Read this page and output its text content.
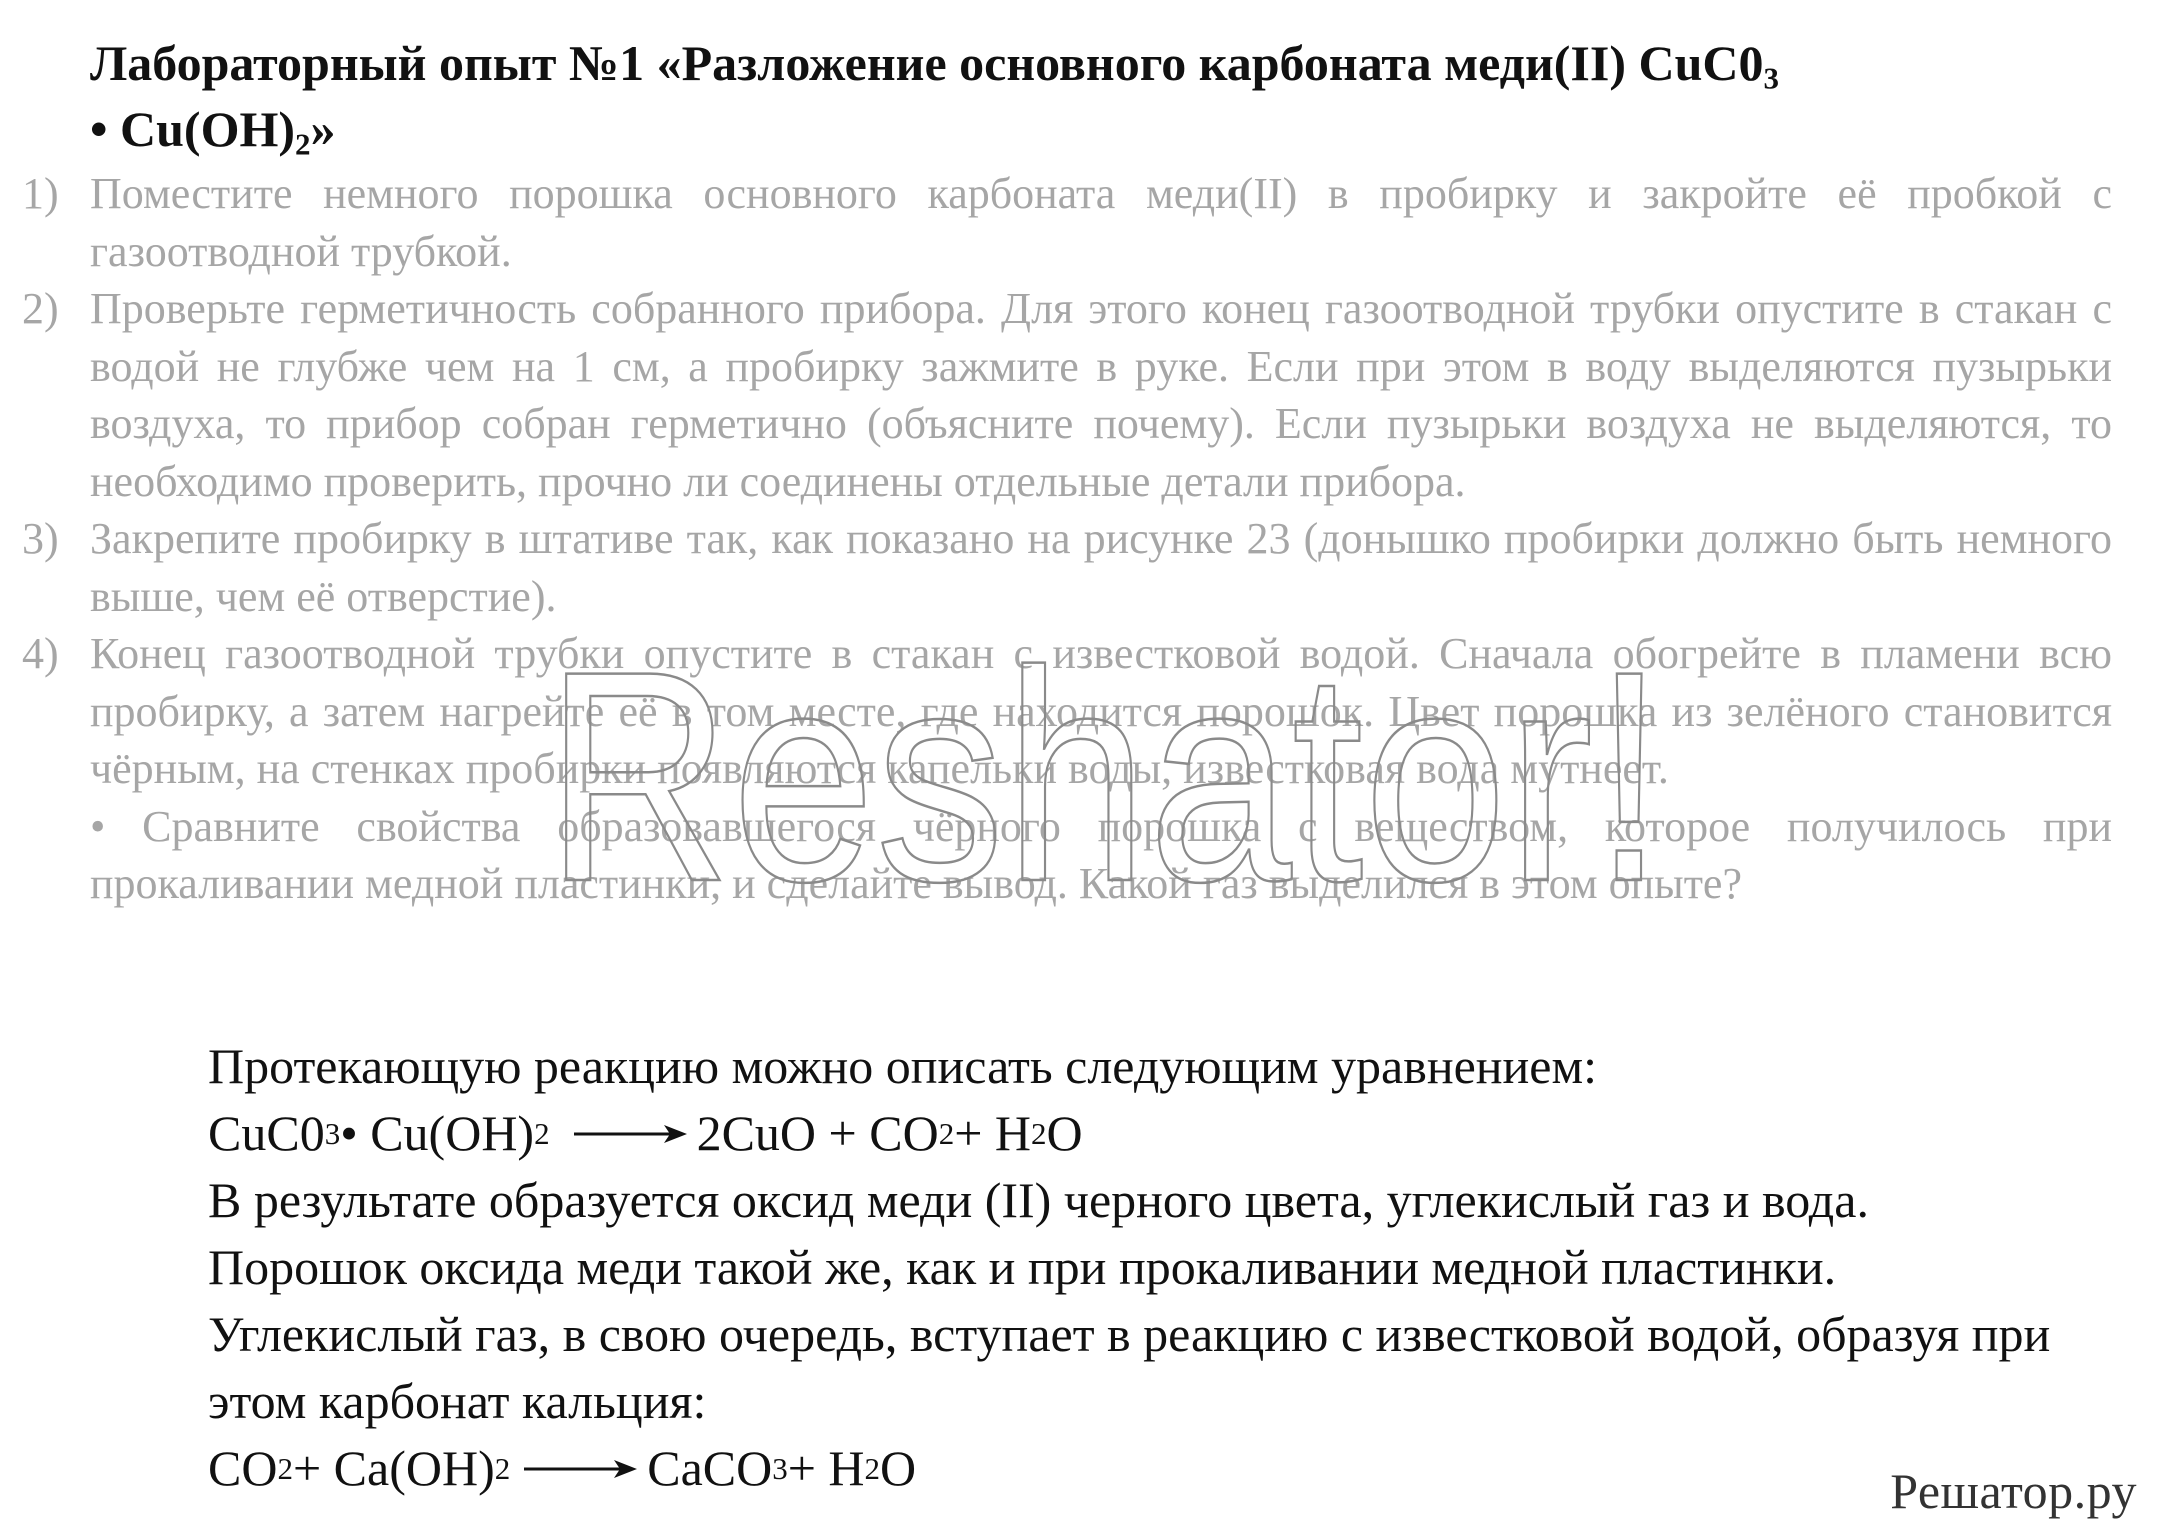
Лабораторный опыт №1 «Разложение основного карбоната меди(II) $CuC0_3$
• $Cu(OH)_2$»
1) Поместите немного порошка основного карбоната меди(II) в пробирку и закройте её пробкой с газоотводной трубкой.
2) Проверьте герметичность собранного прибора. Для этого конец газоотводной трубки опустите в стакан с водой не глубже чем на 1 см, а пробирку зажмите в руке. Если при этом в воду выделяются пузырьки воздуха, то прибор собран герметично (объясните почему). Если пузырьки воздуха не выделяются, то необходимо проверить, прочно ли соединены отдельные детали прибора.
3) Закрепите пробирку в штативе так, как показано на рисунке 23 (донышко пробирки должно быть немного выше, чем её отверстие).
4) Конец газоотводной трубки опустите в стакан с известковой водой. Сначала обогрейте в пламени всю пробирку, а затем нагрейте её в том месте, где находится порошок. Цвет порошка из зелёного становится чёрным, на стенках пробирки появляются капельки воды, известковая вода мутнеет.
• Сравните свойства образовавшегося чёрного порошка с веществом, которое получилось при прокаливании медной пластинки, и сделайте вывод. Какой газ выделился в этом опыте?
Протекающую реакцию можно описать следующим уравнением:
CuC0 3 • Cu(OH) 2 → 2CuO + CO 2 + H 2 O
В результате образуется оксид меди (II) черного цвета, углекислый газ и вода. Порошок оксида меди такой же, как и при прокаливании медной пластинки. Углекислый газ, в свою очередь, вступает в реакцию с известковой водой, образуя при этом карбонат кальция:
CO 2 + Ca(OH) 2 → CaCO 3 + H 2 O
Reshator!
Решатор.ру
